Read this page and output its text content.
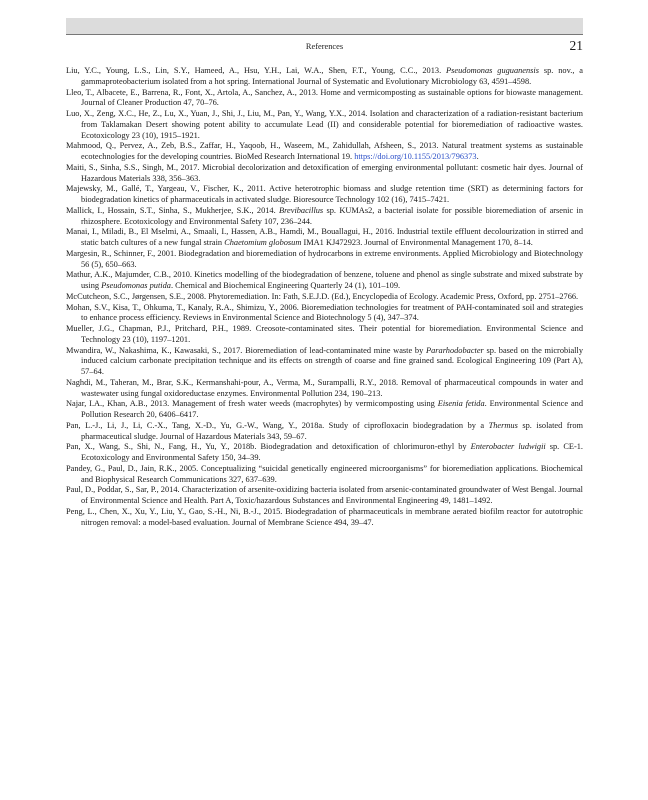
References	21

Liu, Y.C., Young, L.S., Lin, S.Y., Hameed, A., Hsu, Y.H., Lai, W.A., Shen, F.T., Young, C.C., 2013. Pseudomonas guguanensis sp. nov., a gammaproteobacterium isolated from a hot spring. International Journal of Systematic and Evolutionary Microbiology 63, 4591–4598.

Lleo, T., Albacete, E., Barrena, R., Font, X., Artola, A., Sanchez, A., 2013. Home and vermicomposting as sustainable options for biowaste management. Journal of Cleaner Production 47, 70–76.

Luo, X., Zeng, X.C., He, Z., Lu, X., Yuan, J., Shi, J., Liu, M., Pan, Y., Wang, Y.X., 2014. Isolation and characterization of a radiation-resistant bacterium from Taklamakan Desert showing potent ability to accumulate Lead (II) and considerable potential for bioremediation of radioactive wastes. Ecotoxicology 23 (10), 1915–1921.

Mahmood, Q., Pervez, A., Zeb, B.S., Zaffar, H., Yaqoob, H., Waseem, M., Zahidullah, Afsheen, S., 2013. Natural treatment systems as sustainable ecotechnologies for the developing countries. BioMed Research International 19. https://doi.org/10.1155/2013/796373.

Maiti, S., Sinha, S.S., Singh, M., 2017. Microbial decolorization and detoxification of emerging environmental pollutant: cosmetic hair dyes. Journal of Hazardous Materials 338, 356–363.

Majewsky, M., Gallé, T., Yargeau, V., Fischer, K., 2011. Active heterotrophic biomass and sludge retention time (SRT) as determining factors for biodegradation kinetics of pharmaceuticals in activated sludge. Bioresource Technology 102 (16), 7415–7421.

Mallick, I., Hossain, S.T., Sinha, S., Mukherjee, S.K., 2014. Brevibacillus sp. KUMAs2, a bacterial isolate for possible bioremediation of arsenic in rhizosphere. Ecotoxicology and Environmental Safety 107, 236–244.

Manai, I., Miladi, B., El Mselmi, A., Smaali, I., Hassen, A.B., Hamdi, M., Bouallagui, H., 2016. Industrial textile effluent decolourization in stirred and static batch cultures of a new fungal strain Chaetomium globosum IMA1 KJ472923. Journal of Environmental Management 170, 8–14.

Margesin, R., Schinner, F., 2001. Biodegradation and bioremediation of hydrocarbons in extreme environments. Applied Microbiology and Biotechnology 56 (5), 650–663.

Mathur, A.K., Majumder, C.B., 2010. Kinetics modelling of the biodegradation of benzene, toluene and phenol as single substrate and mixed substrate by using Pseudomonas putida. Chemical and Biochemical Engineering Quarterly 24 (1), 101–109.

McCutcheon, S.C., Jørgensen, S.E., 2008. Phytoremediation. In: Fath, S.E.J.D. (Ed.), Encyclopedia of Ecology. Academic Press, Oxford, pp. 2751–2766.

Mohan, S.V., Kisa, T., Ohkuma, T., Kanaly, R.A., Shimizu, Y., 2006. Bioremediation technologies for treatment of PAH-contaminated soil and strategies to enhance process efficiency. Reviews in Environmental Science and Biotechnology 5 (4), 347–374.

Mueller, J.G., Chapman, P.J., Pritchard, P.H., 1989. Creosote-contaminated sites. Their potential for bioremediation. Environmental Science and Technology 23 (10), 1197–1201.

Mwandira, W., Nakashima, K., Kawasaki, S., 2017. Bioremediation of lead-contaminated mine waste by Pararhodobacter sp. based on the microbially induced calcium carbonate precipitation technique and its effects on strength of coarse and fine grained sand. Ecological Engineering 109 (Part A), 57–64.

Naghdi, M., Taheran, M., Brar, S.K., Kermanshahi-pour, A., Verma, M., Surampalli, R.Y., 2018. Removal of pharmaceutical compounds in water and wastewater using fungal oxidoreductase enzymes. Environmental Pollution 234, 190–213.

Najar, I.A., Khan, A.B., 2013. Management of fresh water weeds (macrophytes) by vermicomposting using Eisenia fetida. Environmental Science and Pollution Research 20, 6406–6417.

Pan, L.-J., Li, J., Li, C.-X., Tang, X.-D., Yu, G.-W., Wang, Y., 2018a. Study of ciprofloxacin biodegradation by a Thermus sp. isolated from pharmaceutical sludge. Journal of Hazardous Materials 343, 59–67.

Pan, X., Wang, S., Shi, N., Fang, H., Yu, Y., 2018b. Biodegradation and detoxification of chlorimuron-ethyl by Enterobacter ludwigii sp. CE-1. Ecotoxicology and Environmental Safety 150, 34–39.

Pandey, G., Paul, D., Jain, R.K., 2005. Conceptualizing “suicidal genetically engineered microorganisms” for bioremediation applications. Biochemical and Biophysical Research Communications 327, 637–639.

Paul, D., Poddar, S., Sar, P., 2014. Characterization of arsenite-oxidizing bacteria isolated from arsenic-contaminated groundwater of West Bengal. Journal of Environmental Science and Health. Part A, Toxic/hazardous Substances and Environmental Engineering 49, 1481–1492.

Peng, L., Chen, X., Xu, Y., Liu, Y., Gao, S.-H., Ni, B.-J., 2015. Biodegradation of pharmaceuticals in membrane aerated biofilm reactor for autotrophic nitrogen removal: a model-based evaluation. Journal of Membrane Science 494, 39–47.
